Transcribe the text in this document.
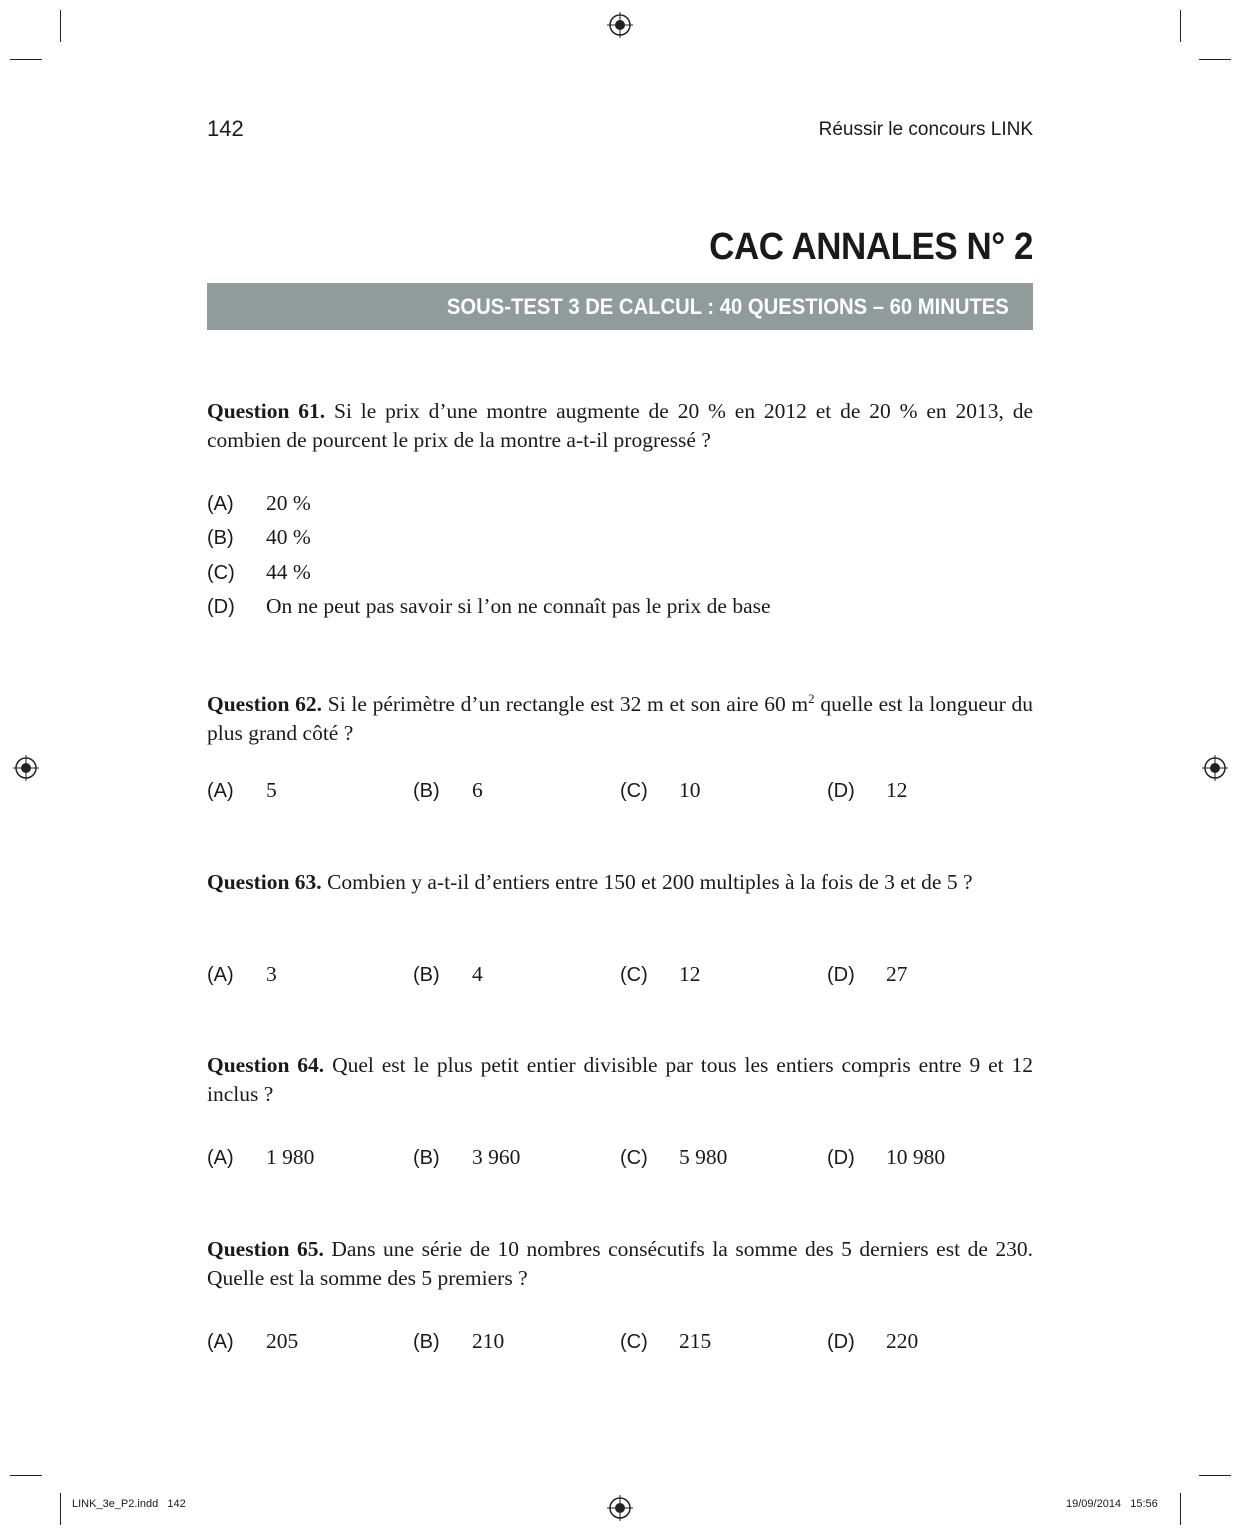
142	Réussir le concours LINK
CAC ANNALES N° 2
SOUS-TEST 3 DE CALCUL : 40 QUESTIONS – 60 MINUTES
Question 61. Si le prix d’une montre augmente de 20 % en 2012 et de 20 % en 2013, de combien de pourcent le prix de la montre a-t-il progressé ?
(A) 20 %
(B) 40 %
(C) 44 %
(D) On ne peut pas savoir si l’on ne connaît pas le prix de base
Question 62. Si le périmètre d’un rectangle est 32 m et son aire 60 $m^2$ quelle est la longueur du plus grand côté ?
(A) 5	(B) 6	(C) 10	(D) 12
Question 63. Combien y a-t-il d’entiers entre 150 et 200 multiples à la fois de 3 et de 5 ?
(A) 3	(B) 4	(C) 12	(D) 27
Question 64. Quel est le plus petit entier divisible par tous les entiers compris entre 9 et 12 inclus ?
(A) 1 980	(B) 3 960	(C) 5 980	(D) 10 980
Question 65. Dans une série de 10 nombres consécutifs la somme des 5 derniers est de 230. Quelle est la somme des 5 premiers ?
(A) 205	(B) 210	(C) 215	(D) 220
LINK_3e_P2.indd   142	19/09/2014   15:56
